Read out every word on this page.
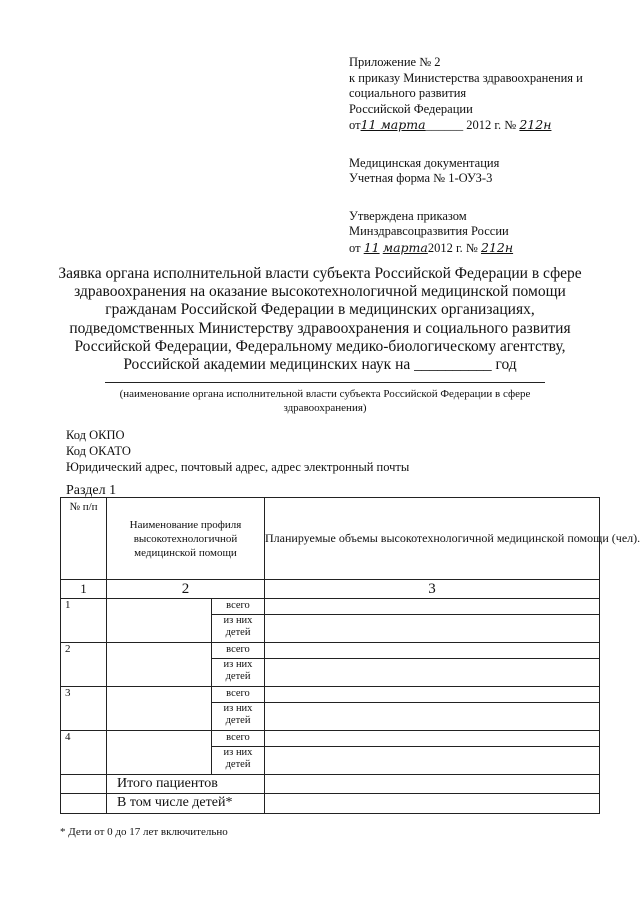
Приложение № 2
к приказу Министерства здравоохранения и
социального развития
Российской Федерации
от11 марта______ 2012 г. № 212н
Медицинская документация
Учетная форма № 1-ОУЗ-3
Утверждена приказом
Минздравсоцразвития России
от 11 марта2012 г. № 212н
Заявка органа исполнительной власти субъекта Российской Федерации в сфере
здравоохранения на оказание высокотехнологичной медицинской помощи
гражданам Российской Федерации в медицинских организациях,
подведомственных Министерству здравоохранения и социального развития
Российской Федерации, Федеральному медико-биологическому агентству,
Российской академии медицинских наук на __________ год
(наименование органа исполнительной власти субъекта Российской Федерации в сфере здравоохранения)
Код ОКПО
Код ОКАТО
Юридический адрес, почтовый адрес, адрес электронный почты
Раздел 1
№ п/п	Наименование профиля высокотехнологичной медицинской помощи		Планируемые объемы высокотехнологичной медицинской помощи (чел).
1	2		3
1		всего	
		из них детей	
2		всего	
		из них детей	
3		всего	
		из них детей	
4		всего	
		из них детей	
	Итого пациентов		
	В том числе детей*		
* Дети от 0 до 17 лет включительно
